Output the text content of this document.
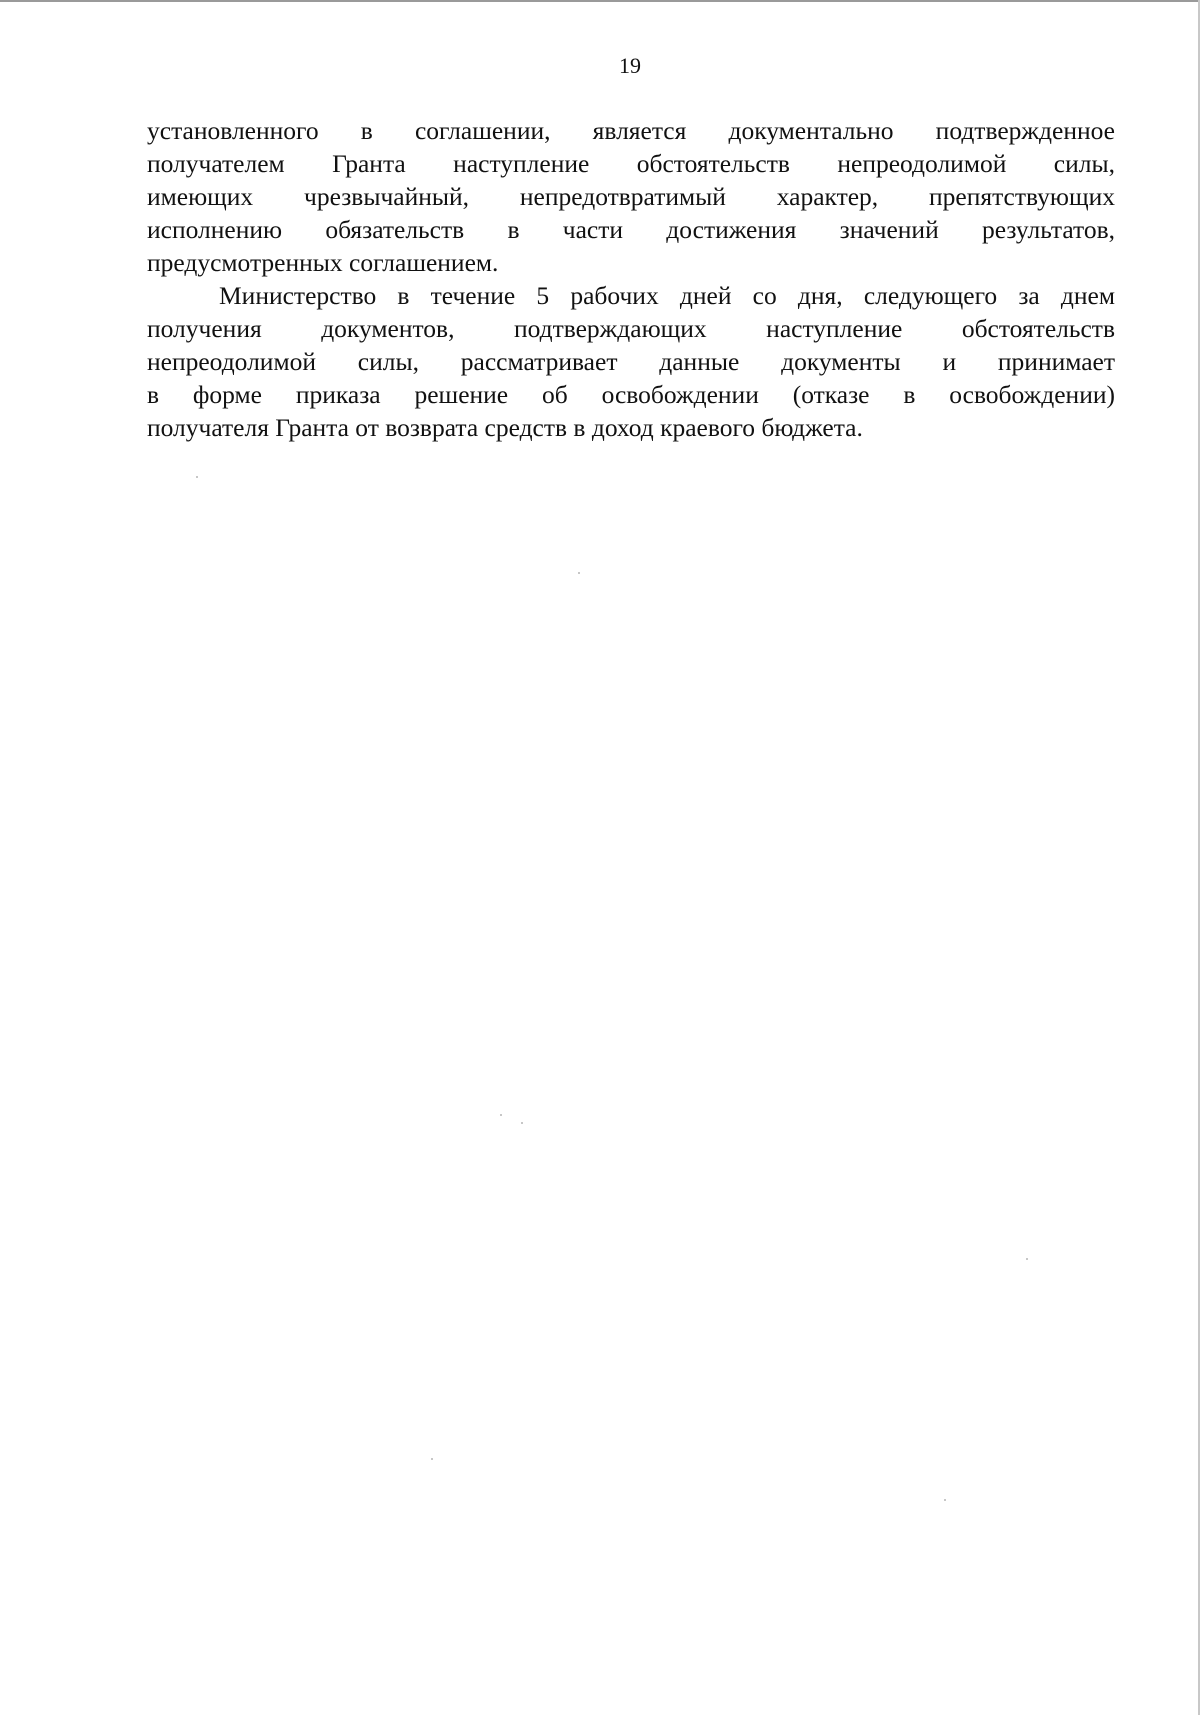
19
установленного в соглашении, является документально подтвержденное
получателем Гранта наступление обстоятельств непреодолимой силы,
имеющих чрезвычайный, непредотвратимый характер, препятствующих
исполнению обязательств в части достижения значений результатов,
предусмотренных соглашением.
Министерство в течение 5 рабочих дней со дня, следующего за днем
получения документов, подтверждающих наступление обстоятельств
непреодолимой силы, рассматривает данные документы и принимает
в форме приказа решение об освобождении (отказе в освобождении)
получателя Гранта от возврата средств в доход краевого бюджета.
